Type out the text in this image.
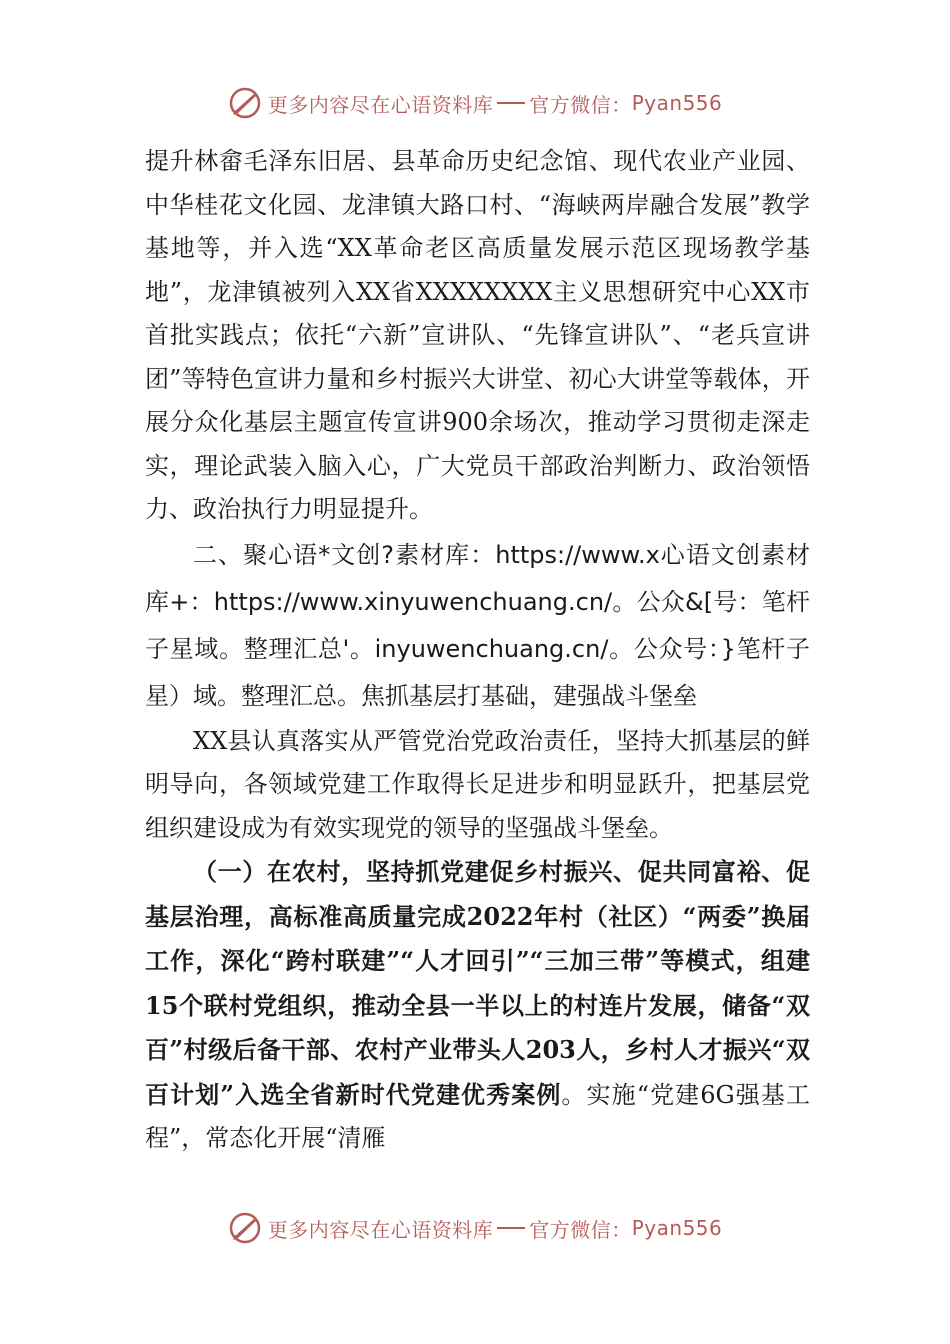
更多内容尽在心语资料库 官方微信： Pyan556

提升林畲毛泽东旧居、县革命历史纪念馆、现代农业产业园、中华桂花文化园、龙津镇大路口村、“海峡两岸融合发展”教学基地等，并入选“XX革命老区高质量发展示范区现场教学基地”，龙津镇被列入XX省XXXXXXXX主义思想研究中心XX市首批实践点；依托“六新”宣讲队、“先锋宣讲队”、“老兵宣讲团”等特色宣讲力量和乡村振兴大讲堂、初心大讲堂等载体，开展分众化基层主题宣传宣讲900余场次，推动学习贯彻走深走实，理论武装入脑入心，广大党员干部政治判断力、政治领悟力、政治执行力明显提升。

二、聚心语*文创?素材库：https://www.x心语文创素材库+：https://www.xinyuwenchuang.cn/。公众&[号：笔杆子星域。整理汇总'。inyuwenchuang.cn/。公众号：}笔杆子星）域。整理汇总。焦抓基层打基础，建强战斗堡垒

XX县认真落实从严管党治党政治责任，坚持大抓基层的鲜明导向，各领域党建工作取得长足进步和明显跃升，把基层党组织建设成为有效实现党的领导的坚强战斗堡垒。

（一）在农村，坚持抓党建促乡村振兴、促共同富裕、促基层治理，高标准高质量完成2022年村（社区）“两委”换届工作，深化“跨村联建”“人才回引”“三加三带”等模式，组建15个联村党组织，推动全县一半以上的村连片发展，储备“双百”村级后备干部、农村产业带头人203人，乡村人才振兴“双百计划”入选全省新时代党建优秀案例。实施“党建6G强基工程”，常态化开展“清雁

更多内容尽在心语资料库 官方微信： Pyan556
